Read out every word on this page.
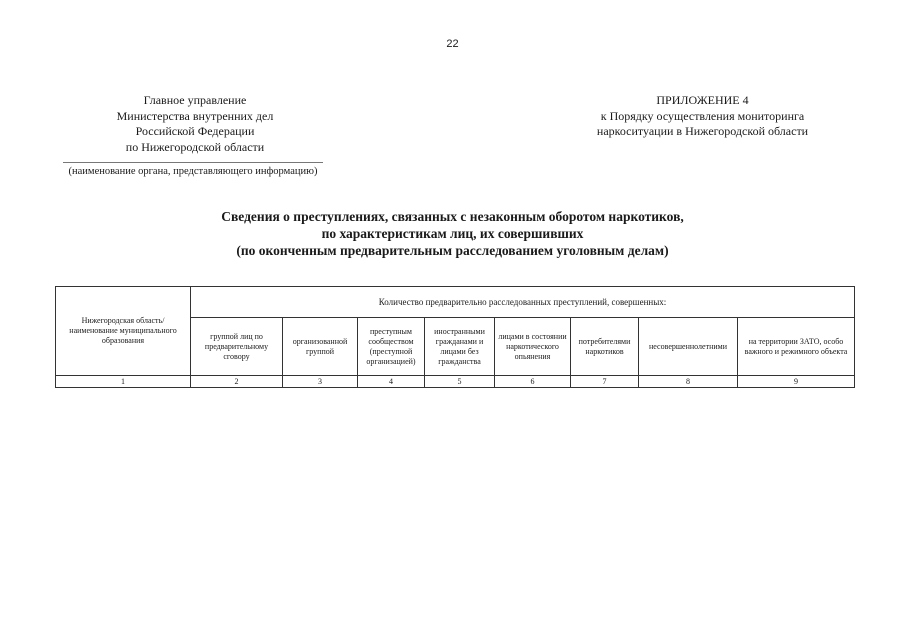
22
Главное управление
Министерства внутренних дел
Российской Федерации
по Нижегородской области
(наименование органа, представляющего информацию)
ПРИЛОЖЕНИЕ 4
к Порядку осуществления мониторинга
наркоситуации в Нижегородской области
Сведения о преступлениях, связанных с незаконным оборотом наркотиков,
по характеристикам лиц, их совершивших
(по оконченным предварительным расследованием уголовным делам)
Нижегородская область/ наименование муниципального образования	Количество предварительно расследованных преступлений, совершенных:							
	группой лиц по предварительному сговору	организованной группой	преступным сообществом (преступной организацией)	иностранными гражданами и лицами без гражданства	лицами в состоянии наркотического опьянения	потребителями наркотиков	несовершеннолетними	на территории ЗАТО, особо важного и режимного объекта
1	2	3	4	5	6	7	8	9
